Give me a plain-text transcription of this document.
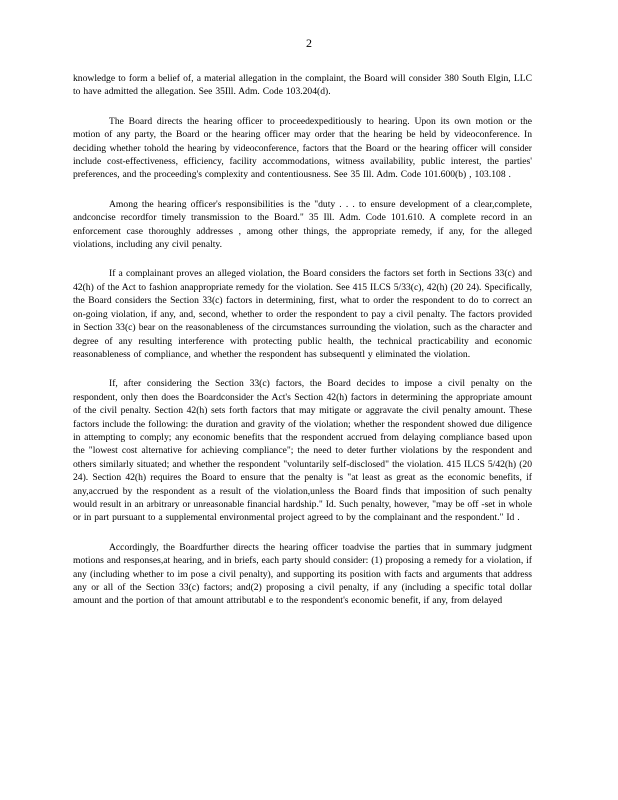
2

knowledge to form a belief of, a material allegation in the complaint, the Board will consider 380 South Elgin, LLC to have admitted the allegation. See 35Ill. Adm. Code 103.204(d).

The Board directs the hearing officer to proceedexpeditiously to hearing. Upon its own motion or the motion of any party, the Board or the hearing officer may order that the hearing be held by videoconference. In deciding whether tohold the hearing by videoconference, factors that the Board or the hearing officer will consider include cost-effectiveness, efficiency, facility accommodations, witness availability, public interest, the parties' preferences, and the proceeding's complexity and contentiousness. See 35 Ill. Adm. Code 101.600(b) , 103.108 .

Among the hearing officer's responsibilities is the "duty . . . to ensure development of a clear,complete, andconcise recordfor timely transmission to the Board." 35 Ill. Adm. Code 101.610. A complete record in an enforcement case thoroughly addresses , among other things, the appropriate remedy, if any, for the alleged violations, including any civil penalty.

If a complainant proves an alleged violation, the Board considers the factors set forth in Sections 33(c) and 42(h) of the Act to fashion anappropriate remedy for the violation. See 415 ILCS 5/33(c), 42(h) (20 24). Specifically, the Board considers the Section 33(c) factors in determining, first, what to order the respondent to do to correct an on-going violation, if any, and, second, whether to order the respondent to pay a civil penalty. The factors provided in Section 33(c) bear on the reasonableness of the circumstances surrounding the violation, such as the character and degree of any resulting interference with protecting public health, the technical practicability and economic reasonableness of compliance, and whether the respondent has subsequentl y eliminated the violation.

If, after considering the Section 33(c) factors, the Board decides to impose a civil penalty on the respondent, only then does the Boardconsider the Act's Section 42(h) factors in determining the appropriate amount of the civil penalty. Section 42(h) sets forth factors that may mitigate or aggravate the civil penalty amount. These factors include the following: the duration and gravity of the violation; whether the respondent showed due diligence in attempting to comply; any economic benefits that the respondent accrued from delaying compliance based upon the "lowest cost alternative for achieving compliance"; the need to deter further violations by the respondent and others similarly situated; and whether the respondent "voluntarily self-disclosed" the violation. 415 ILCS 5/42(h) (20 24). Section 42(h) requires the Board to ensure that the penalty is "at least as great as the economic benefits, if any,accrued by the respondent as a result of the violation,unless the Board finds that imposition of such penalty would result in an arbitrary or unreasonable financial hardship." Id. Such penalty, however, "may be off -set in whole or in part pursuant to a supplemental environmental project agreed to by the complainant and the respondent." Id .

Accordingly, the Boardfurther directs the hearing officer toadvise the parties that in summary judgment motions and responses,at hearing, and in briefs, each party should consider: (1) proposing a remedy for a violation, if any (including whether to im pose a civil penalty), and supporting its position with facts and arguments that address any or all of the Section 33(c) factors; and(2) proposing a civil penalty, if any (including a specific total dollar amount and the portion of that amount attributabl e to the respondent's economic benefit, if any, from delayed
